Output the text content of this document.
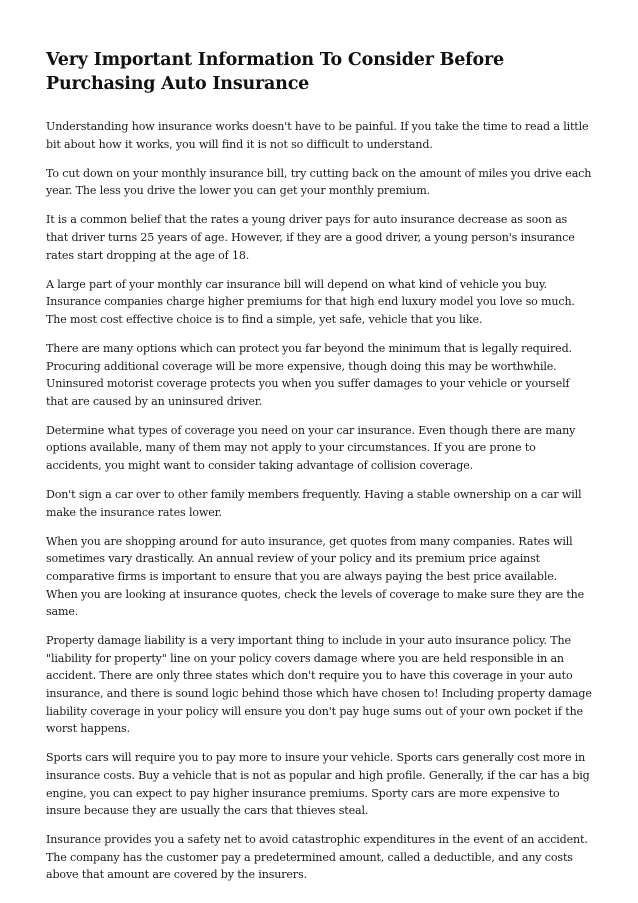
Very Important Information To Consider Before Purchasing Auto Insurance

Understanding how insurance works doesn't have to be painful. If you take the time to read a little bit about how it works, you will find it is not so difficult to understand.

To cut down on your monthly insurance bill, try cutting back on the amount of miles you drive each year. The less you drive the lower you can get your monthly premium.

It is a common belief that the rates a young driver pays for auto insurance decrease as soon as that driver turns 25 years of age. However, if they are a good driver, a young person's insurance rates start dropping at the age of 18.

A large part of your monthly car insurance bill will depend on what kind of vehicle you buy. Insurance companies charge higher premiums for that high end luxury model you love so much. The most cost effective choice is to find a simple, yet safe, vehicle that you like.

There are many options which can protect you far beyond the minimum that is legally required. Procuring additional coverage will be more expensive, though doing this may be worthwhile. Uninsured motorist coverage protects you when you suffer damages to your vehicle or yourself that are caused by an uninsured driver.

Determine what types of coverage you need on your car insurance. Even though there are many options available, many of them may not apply to your circumstances. If you are prone to accidents, you might want to consider taking advantage of collision coverage.

Don't sign a car over to other family members frequently. Having a stable ownership on a car will make the insurance rates lower.

When you are shopping around for auto insurance, get quotes from many companies. Rates will sometimes vary drastically. An annual review of your policy and its premium price against comparative firms is important to ensure that you are always paying the best price available. When you are looking at insurance quotes, check the levels of coverage to make sure they are the same.

Property damage liability is a very important thing to include in your auto insurance policy. The "liability for property" line on your policy covers damage where you are held responsible in an accident. There are only three states which don't require you to have this coverage in your auto insurance, and there is sound logic behind those which have chosen to! Including property damage liability coverage in your policy will ensure you don't pay huge sums out of your own pocket if the worst happens.

Sports cars will require you to pay more to insure your vehicle. Sports cars generally cost more in insurance costs. Buy a vehicle that is not as popular and high profile. Generally, if the car has a big engine, you can expect to pay higher insurance premiums. Sporty cars are more expensive to insure because they are usually the cars that thieves steal.

Insurance provides you a safety net to avoid catastrophic expenditures in the event of an accident. The company has the customer pay a predetermined amount, called a deductible, and any costs above that amount are covered by the insurers.
